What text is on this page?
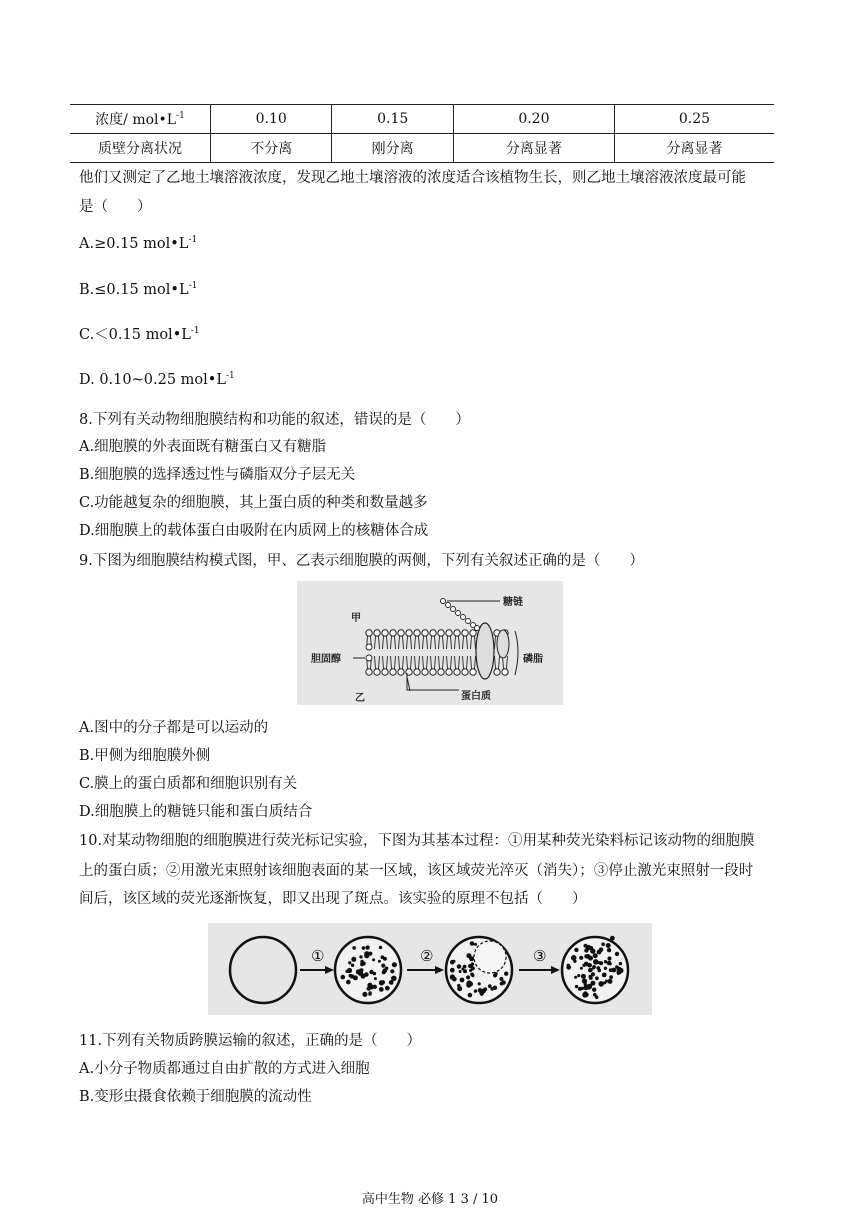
浓度/ $mol•L^{-1}$	0.10	0.15	0.20	0.25
质壁分离状况	不分离	刚分离	分离显著	分离显著
他们又测定了乙地土壤溶液浓度，发现乙地土壤溶液的浓度适合该植物生长，则乙地土壤溶液浓度最可能
是（　　）
A.≥0.15 $mol•L^{-1}$
B.≤0.15 $mol•L^{-1}$
C.＜0.15 $mol•L^{-1}$
D. 0.10~0.25 $mol•L^{-1}$
8.下列有关动物细胞膜结构和功能的叙述，错误的是（　　）
A.细胞膜的外表面既有糖蛋白又有糖脂
B.细胞膜的选择透过性与磷脂双分子层无关
C.功能越复杂的细胞膜，其上蛋白质的种类和数量越多
D.细胞膜上的载体蛋白由吸附在内质网上的核糖体合成
9.下图为细胞膜结构模式图，甲、乙表示细胞膜的两侧，下列有关叙述正确的是（　　）
甲
乙
糖链
胆固醇	磷脂
蛋白质
A.图中的分子都是可以运动的
B.甲侧为细胞膜外侧
C.膜上的蛋白质都和细胞识别有关
D.细胞膜上的糖链只能和蛋白质结合
10.对某动物细胞的细胞膜进行荧光标记实验，下图为其基本过程：①用某种荧光染料标记该动物的细胞膜
上的蛋白质；②用激光束照射该细胞表面的某一区域，该区域荧光淬灭（消失）；③停止激光束照射一段时
间后，该区域的荧光逐渐恢复，即又出现了斑点。该实验的原理不包括（　　）
①	②	③
11.下列有关物质跨膜运输的叙述，正确的是（　　）
A.小分子物质都通过自由扩散的方式进入细胞
B.变形虫摄食依赖于细胞膜的流动性
高中生物 必修 1 3 / 10
